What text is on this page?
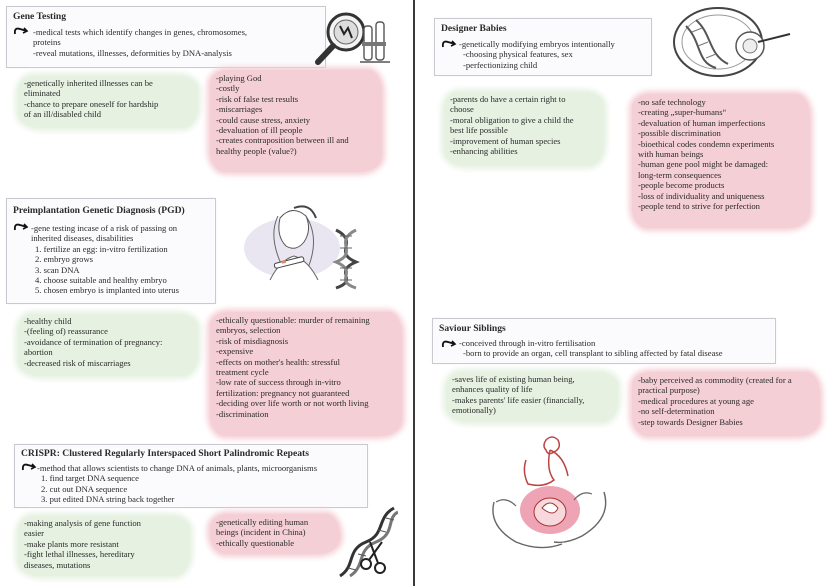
Gene Testing
-medical tests which identify changes in genes, chromosomes,
proteins
-reveal mutations, illnesses, deformities by DNA-analysis
-genetically inherited illnesses can be
eliminated
-chance to prepare oneself for hardship
of an ill/disabled child
-playing God
-costly
-risk of false test results
-miscarriages
-could cause stress, anxiety
-devaluation of ill people
-creates contraposition between ill and
healthy people (value?)
Preimplantation Genetic Diagnosis (PGD)
-gene testing incase of a risk of passing on
inherited diseases, disabilities
1. fertilize an egg: in-vitro fertilization
2. embryo grows
3. scan DNA
4. choose suitable and healthy embryo
5. chosen embryo is implanted into uterus
-healthy child
-(feeling of) reassurance
-avoidance of termination of pregnancy:
abortion
-decreased risk of miscarriages
-ethically questionable: murder of remaining
embryos, selection
-risk of misdiagnosis
-expensive
-effects on mother's health: stressful
treatment cycle
-low rate of success through in-vitro
fertilization: pregnancy not guaranteed
-deciding over life worth or not worth living
-discrimination
CRISPR: Clustered Regularly Interspaced Short Palindromic Repeats
-method that allows scientists to change DNA of animals, plants, microorganisms
1. find target DNA sequence
2. cut out DNA sequence
3. put edited DNA string back together
-making analysis of gene function
easier
-make plants more resistant
-fight lethal illnesses, hereditary
diseases, mutations
-genetically editing human
beings (incident in China)
-ethically questionable
Designer Babies
-genetically modifying embryos intentionally
-choosing physical features, sex
-perfectionizing child
-parents do have a certain right to
choose
-moral obligation to give a child the
best life possible
-improvement of human species
-enhancing abilities
-no safe technology
-creating „super-humans“
-devaluation of human imperfections
-possible discrimination
-bioethical codes condemn experiments
with human beings
-human gene pool might be damaged:
long-term consequences
-people become products
-loss of individuality and uniqueness
-people tend to strive for perfection
Saviour Siblings
-conceived through in-vitro fertilisation
-born to provide an organ, cell transplant to sibling affected by fatal disease
-saves life of existing human being,
enhances quality of life
-makes parents' life easier (financially,
emotionally)
-baby perceived as commodity (created for a
practical purpose)
-medical procedures at young age
-no self-determination
-step towards Designer Babies
